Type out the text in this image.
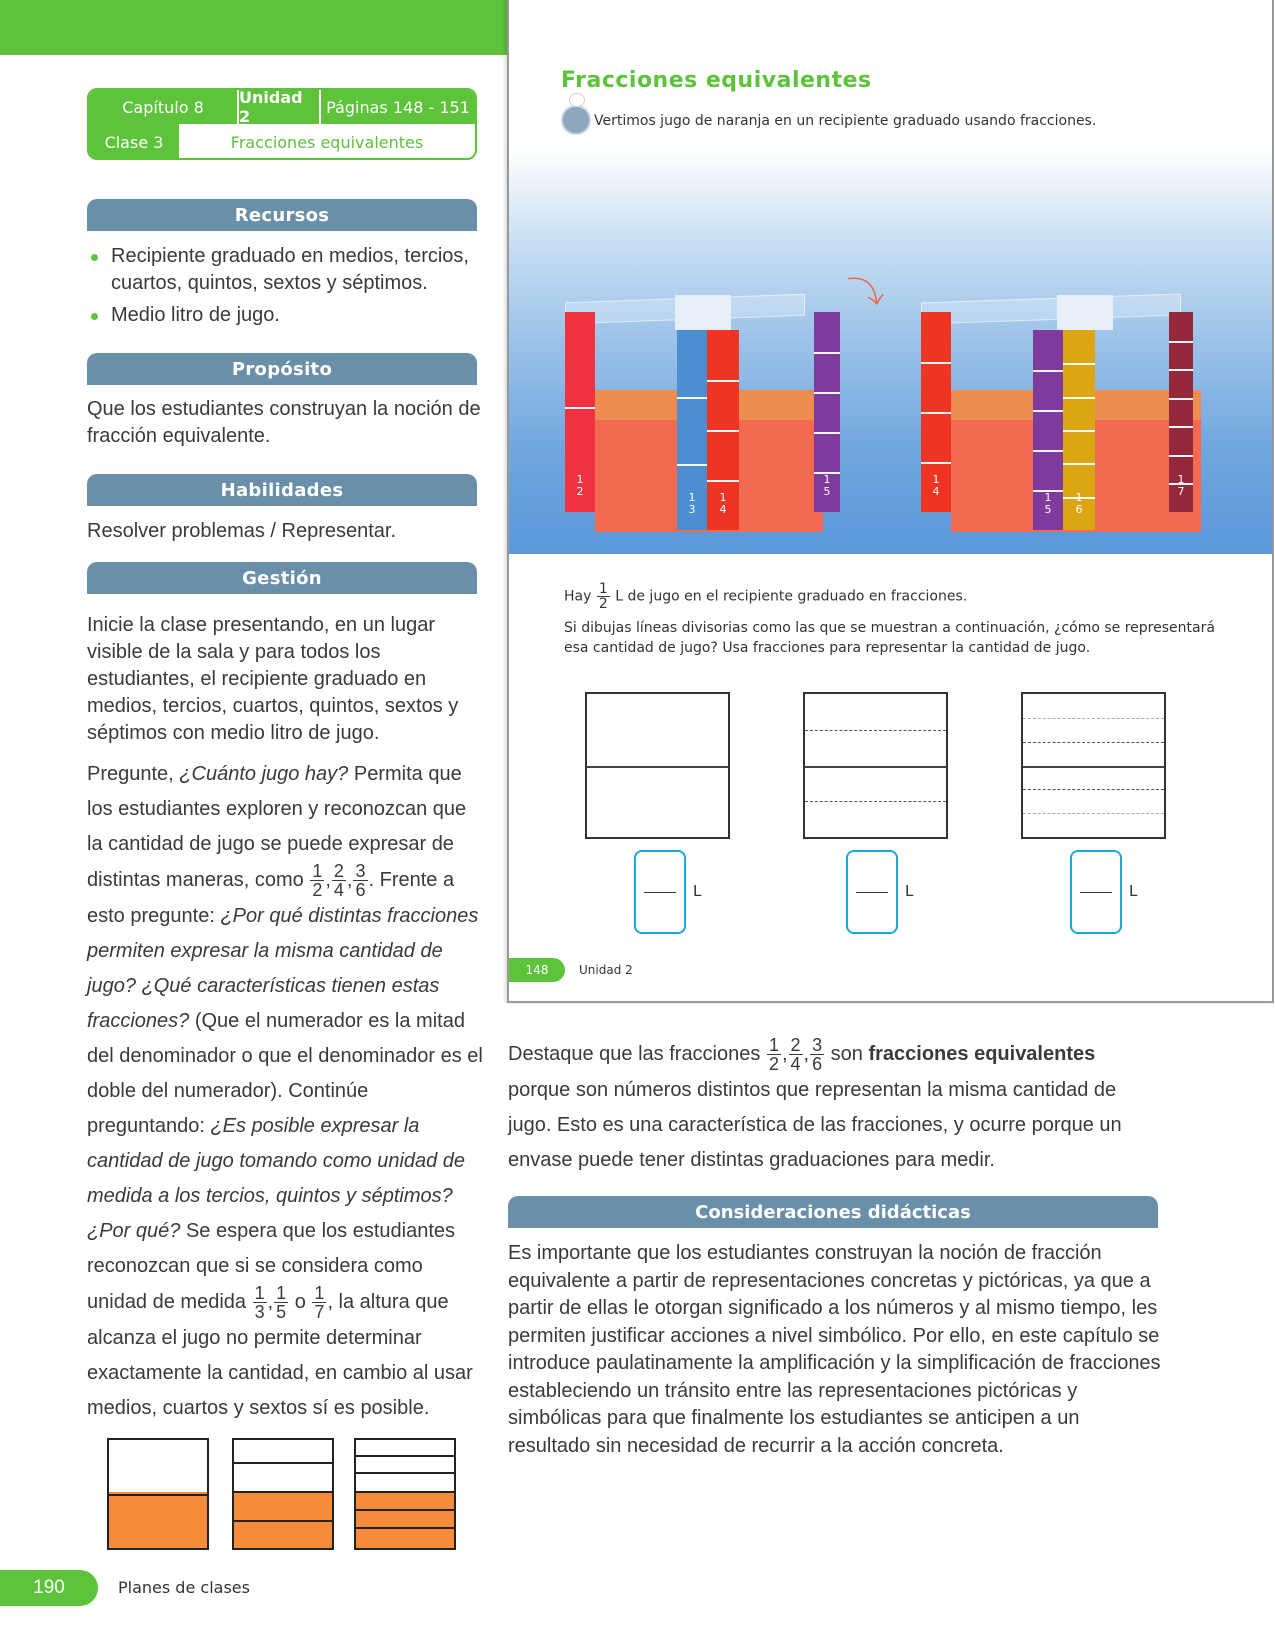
Capítulo 8	Unidad 2	Páginas 148 - 151
Clase 3	Fracciones equivalentes
Recursos
Recipiente graduado en medios, tercios, cuartos, quintos, sextos y séptimos.
Medio litro de jugo.
Propósito
Que los estudiantes construyan la noción de fracción equivalente.
Habilidades
Resolver problemas / Representar.
Gestión

Inicie la clase presentando, en un lugar visible de la sala y para todos los estudiantes, el recipiente graduado en medios, tercios, cuartos, quintos, sextos y séptimos con medio litro de jugo.

Pregunte, ¿Cuánto jugo hay? Permita que los estudiantes exploren y reconozcan que la cantidad de jugo se puede expresar de distintas maneras, como $\frac{1}{2}$ , $\frac{2}{4}$ , $\frac{3}{6}$ . Frente a esto pregunte: ¿Por qué distintas fracciones permiten expresar la misma cantidad de jugo? ¿Qué características tienen estas fracciones? (Que el numerador es la mitad del denominador o que el denominador es el doble del numerador). Continúe preguntando: ¿Es posible expresar la cantidad de jugo tomando como unidad de medida a los tercios, quintos y séptimos? ¿Por qué? Se espera que los estudiantes reconozcan que si se considera como unidad de medida $\frac{1}{3}$ , $\frac{1}{5}$ o $\frac{1}{7}$ , la altura que alcanza el jugo no permite determinar exactamente la cantidad, en cambio al usar medios, cuartos y sextos sí es posible.

190	Planes de clases
Fracciones equivalentes
Vertimos jugo de naranja en un recipiente graduado usando fracciones.
1
2	1
3
1
4
1
5
⤵
1
4	1
5
1
6
1
7
Hay $\frac{1}{2}$ L de jugo en el recipiente graduado en fracciones.
Si dibujas líneas divisorias como las que se muestran a continuación, ¿cómo se representará esa cantidad de jugo? Usa fracciones para representar la cantidad de jugo.
L	L	L
148	Unidad 2
Destaque que las fracciones $\frac{1}{2}$ , $\frac{2}{4}$ , $\frac{3}{6}$ son fracciones equivalentes porque son números distintos que representan la misma cantidad de jugo. Esto es una característica de las fracciones, y ocurre porque un envase puede tener distintas graduaciones para medir.
Consideraciones didácticas
Es importante que los estudiantes construyan la noción de fracción equivalente a partir de representaciones concretas y pictóricas, ya que a partir de ellas le otorgan significado a los números y al mismo tiempo, les permiten justificar acciones a nivel simbólico. Por ello, en este capítulo se introduce paulatinamente la amplificación y la simplificación de fracciones estableciendo un tránsito entre las representaciones pictóricas y simbólicas para que finalmente los estudiantes se anticipen a un resultado sin necesidad de recurrir a la acción concreta.
